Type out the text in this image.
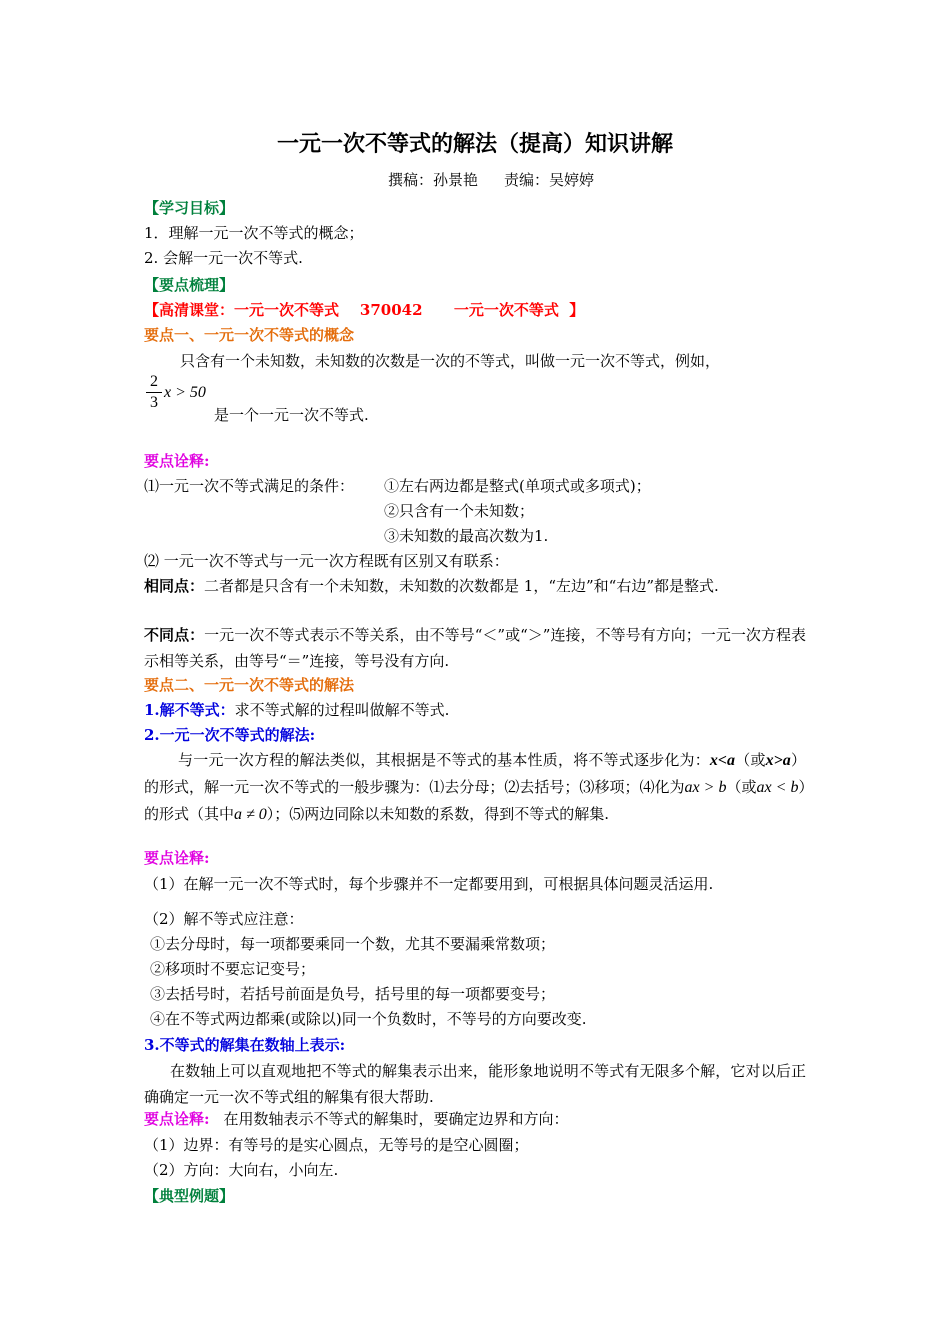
一元一次不等式的解法（提高）知识讲解
撰稿：孙景艳 责编：吴婷婷
【学习目标】
1．理解一元一次不等式的概念；
2. 会解一元一次不等式.
【要点梳理】
【高清课堂：一元一次不等式    370042      一元一次不等式  】
要点一、一元一次不等式的概念
只含有一个未知数，未知数的次数是一次的不等式，叫做一元一次不等式，例如，
2
3
x > 50
是一个一元一次不等式.
要点诠释:
⑴一元一次不等式满足的条件： ①左右两边都是整式(单项式或多项式)；
②只含有一个未知数；
③未知数的最高次数为1.
⑵ 一元一次不等式与一元一次方程既有区别又有联系：
相同点：二者都是只含有一个未知数，未知数的次数都是 1，“左边”和“右边”都是整式.
不同点：一元一次不等式表示不等关系，由不等号“＜”或“＞”连接，不等号有方向；一元一次方程表示相等关系，由等号“＝”连接，等号没有方向.
要点二、一元一次不等式的解法
1.解不等式：求不等式解的过程叫做解不等式.
2.一元一次不等式的解法:
与一元一次方程的解法类似，其根据是不等式的基本性质，将不等式逐步化为：x<a（或x>a）的形式，解一元一次不等式的一般步骤为：⑴去分母；⑵去括号；⑶移项；⑷化为ax > b（或ax < b）的形式（其中a ≠ 0）；⑸两边同除以未知数的系数，得到不等式的解集.
要点诠释:
（1）在解一元一次不等式时，每个步骤并不一定都要用到，可根据具体问题灵活运用.
（2）解不等式应注意：
①去分母时，每一项都要乘同一个数，尤其不要漏乘常数项；
②移项时不要忘记变号；
③去括号时，若括号前面是负号，括号里的每一项都要变号；
④在不等式两边都乘(或除以)同一个负数时，不等号的方向要改变.
3.不等式的解集在数轴上表示:
在数轴上可以直观地把不等式的解集表示出来，能形象地说明不等式有无限多个解，它对以后正确确定一元一次不等式组的解集有很大帮助.
要点诠释: 在用数轴表示不等式的解集时，要确定边界和方向：
（1）边界：有等号的是实心圆点，无等号的是空心圆圈；
（2）方向：大向右，小向左.
【典型例题】
